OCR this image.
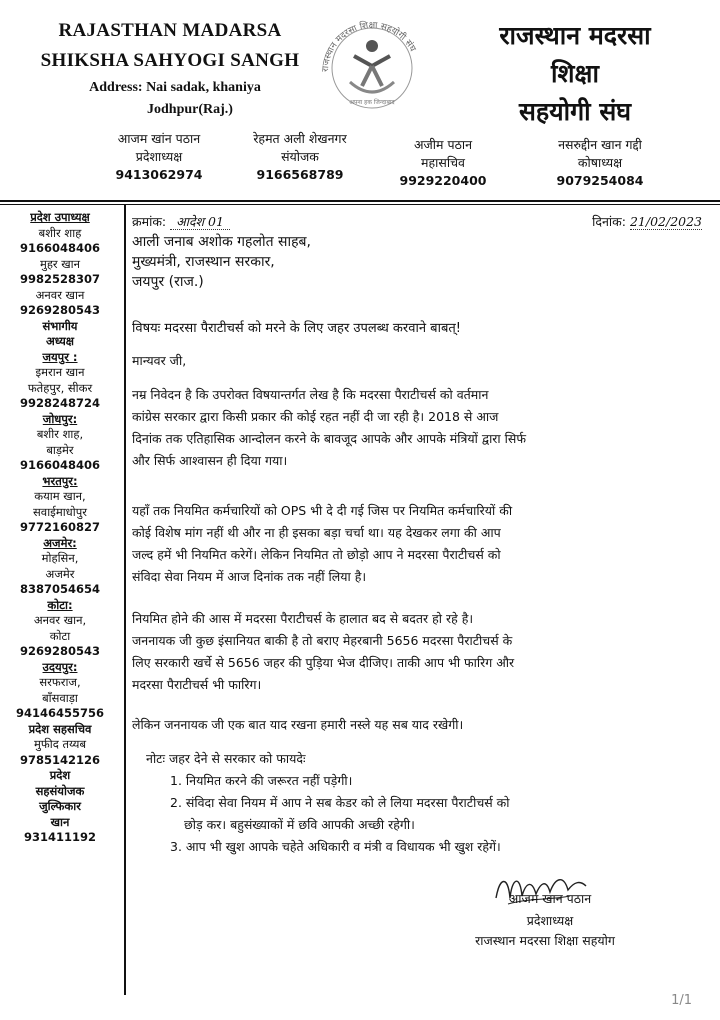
RAJASTHAN MADARSA
SHIKSHA SAHYOGI SANGH
Address: Nai sadak, khaniya
Jodhpur(Raj.)
राजस्थान मदरसा शिक्षा सहयोगी संघ
अपना हक जिन्दाबाद
राजस्थान मदरसा
शिक्षा
सहयोगी संघ
आजम खांन पठान
प्रदेशाध्यक्ष
9413062974
रेहमत अली शेखनगर
संयोजक
9166568789
अजीम पठान
महासचिव
9929220400
नसरुद्दीन खान गद्दी
कोषाध्यक्ष
9079254084
प्रदेश उपाध्यक्ष
बशीर शाह
9166048406
मुहर खान
9982528307
अनवर खान
9269280543
संभागीय
अध्यक्ष
जयपुर :
इमरान खान
फतेहपुर, सीकर
9928248724
जोधपुर:
बशीर शाह,
बाड़मेर
9166048406
भरतपुर:
कयाम खान,
सवाईमाधोपुर
9772160827
अजमेर:
मोहसिन,
अजमेर
8387054654
कोटा:
अनवर खान,
कोटा
9269280543
उदयपुर:
सरफराज,
बाँसवाड़ा
94146455756
प्रदेश सहसचिव
मुफीद तय्यब
9785142126
प्रदेश
सहसंयोजक
जुल्फिकार
खान
931411192
क्रमांक: आदेश 01	दिनांक: 21/02/2023
आली जनाब अशोक गहलोत साहब,
मुख्यमंत्री, राजस्थान सरकार,
जयपुर (राज.)
विषयः मदरसा पैराटीचर्स को मरने के लिए जहर उपलब्ध करवाने बाबत्!
मान्यवर जी,
नम्र निवेदन है कि उपरोक्त विषयान्तर्गत लेख है कि मदरसा पैराटीचर्स को वर्तमान
कांग्रेस सरकार द्वारा किसी प्रकार की कोई रहत नहीं दी जा रही है। 2018 से आज
दिनांक तक एतिहासिक आन्दोलन करने के बावजूद आपके और आपके मंत्रियों द्वारा सिर्फ
और सिर्फ आश्वासन ही दिया गया।
यहाँ तक नियमित कर्मचारियों को OPS भी दे दी गई जिस पर नियमित कर्मचारियों की
कोई विशेष मांग नहीं थी और ना ही इसका बड़ा चर्चा था। यह देखकर लगा की आप
जल्द हमें भी नियमित करेगें। लेकिन नियमित तो छोड़ो आप ने मदरसा पैराटीचर्स को
संविदा सेवा नियम में आज दिनांक तक नहीं लिया है।
नियमित होने की आस में मदरसा पैराटीचर्स के हालात बद से बदतर हो रहे है।
जननायक जी कुछ इंसानियत बाकी है तो बराए मेहरबानी 5656 मदरसा पैराटीचर्स के
लिए सरकारी खर्चे से 5656 जहर की पुड़िया भेज दीजिए। ताकी आप भी फारिग और
मदरसा पैराटीचर्स भी फारिग।
लेकिन जननायक जी एक बात याद रखना हमारी नस्ले यह सब याद रखेगी।
नोटः जहर देने से सरकार को फायदेः
1. नियमित करने की जरूरत नहीं पड़ेगी।
2. संविदा सेवा नियम में आप ने सब केडर को ले लिया मदरसा पैराटीचर्स को
छोड़ कर। बहुसंख्याकों में छवि आपकी अच्छी रहेगी।
3. आप भी खुश आपके चहेते अधिकारी व मंत्री व विधायक भी खुश रहेगें।
आजम खान पठान
प्रदेशाध्यक्ष
राजस्थान मदरसा शिक्षा सहयोग
1/1
